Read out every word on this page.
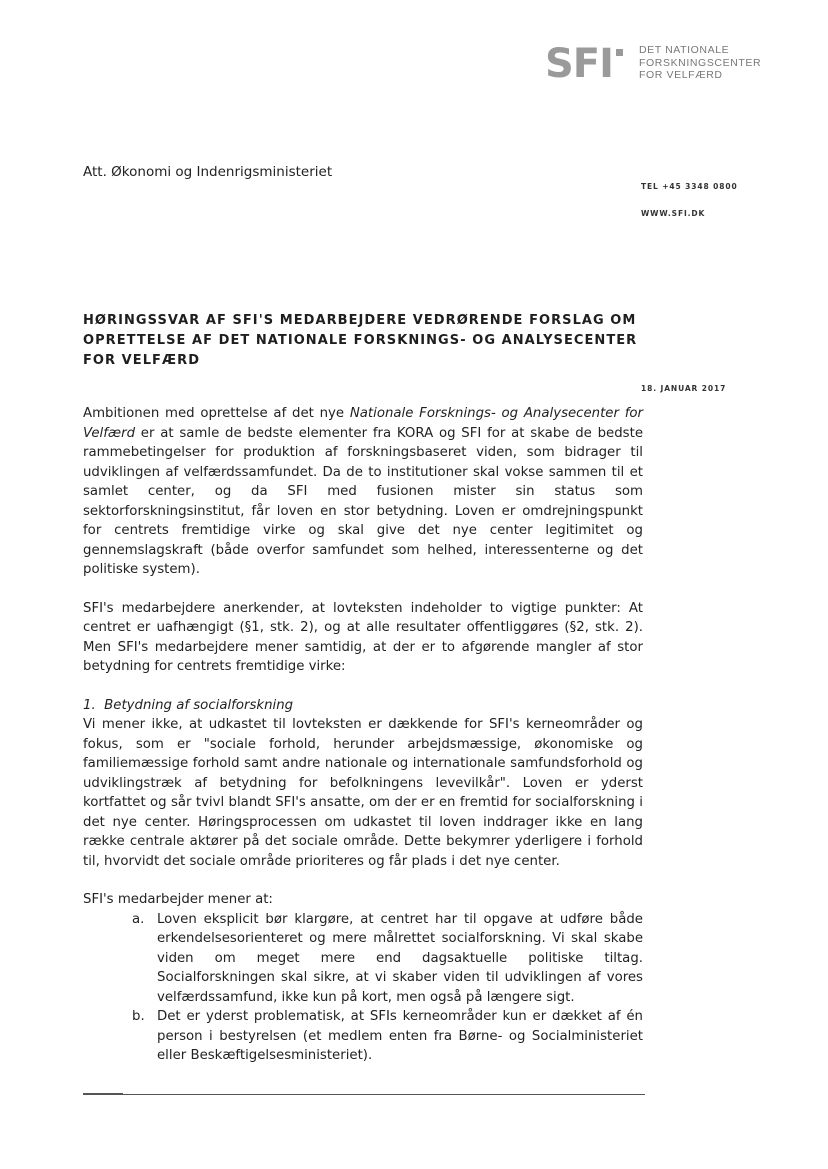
SFI DET NATIONALE
FORSKNINGSCENTER
FOR VELFÆRD
Att. Økonomi og Indenrigsministeriet
TEL +45 3348 0800
WWW.SFI.DK
HØRINGSSVAR AF SFI'S MEDARBEJDERE VEDRØRENDE FORSLAG OM OPRETTELSE AF DET NATIONALE FORSKNINGS- OG ANALYSECENTER FOR VELFÆRD
18. JANUAR 2017

Ambitionen med oprettelse af det nye Nationale Forsknings- og Analysecenter for Velfærd er at samle de bedste elementer fra KORA og SFI for at skabe de bedste rammebetingelser for produktion af forskningsbaseret viden, som bidrager til udviklingen af velfærdssamfundet. Da de to institutioner skal vokse sammen til et samlet center, og da SFI med fusionen mister sin status som sektorforskningsinstitut, får loven en stor betydning. Loven er omdrejningspunkt for centrets fremtidige virke og skal give det nye center legitimitet og gennemslagskraft (både overfor samfundet som helhed, interessenterne og det politiske system).

SFI's medarbejdere anerkender, at lovteksten indeholder to vigtige punkter: At centret er uafhængigt (§1, stk. 2), og at alle resultater offentliggøres (§2, stk. 2). Men SFI's medarbejdere mener samtidig, at der er to afgørende mangler af stor betydning for centrets fremtidige virke:

1. Betydning af socialforskning

Vi mener ikke, at udkastet til lovteksten er dækkende for SFI's kerneområder og fokus, som er "sociale forhold, herunder arbejdsmæssige, økonomiske og familiemæssige forhold samt andre nationale og internationale samfundsforhold og udviklingstræk af betydning for befolkningens levevilkår". Loven er yderst kortfattet og sår tvivl blandt SFI's ansatte, om der er en fremtid for socialforskning i det nye center. Høringsprocessen om udkastet til loven inddrager ikke en lang række centrale aktører på det sociale område. Dette bekymrer yderligere i forhold til, hvorvidt det sociale område prioriteres og får plads i det nye center.

SFI's medarbejder mener at:
a. Loven eksplicit bør klargøre, at centret har til opgave at udføre både erkendelsesorienteret og mere målrettet socialforskning. Vi skal skabe viden om meget mere end dagsaktuelle politiske tiltag. Socialforskningen skal sikre, at vi skaber viden til udviklingen af vores velfærdssamfund, ikke kun på kort, men også på længere sigt.
b. Det er yderst problematisk, at SFIs kerneområder kun er dækket af én person i bestyrelsen (et medlem enten fra Børne- og Socialministeriet eller Beskæftigelsesministeriet).
